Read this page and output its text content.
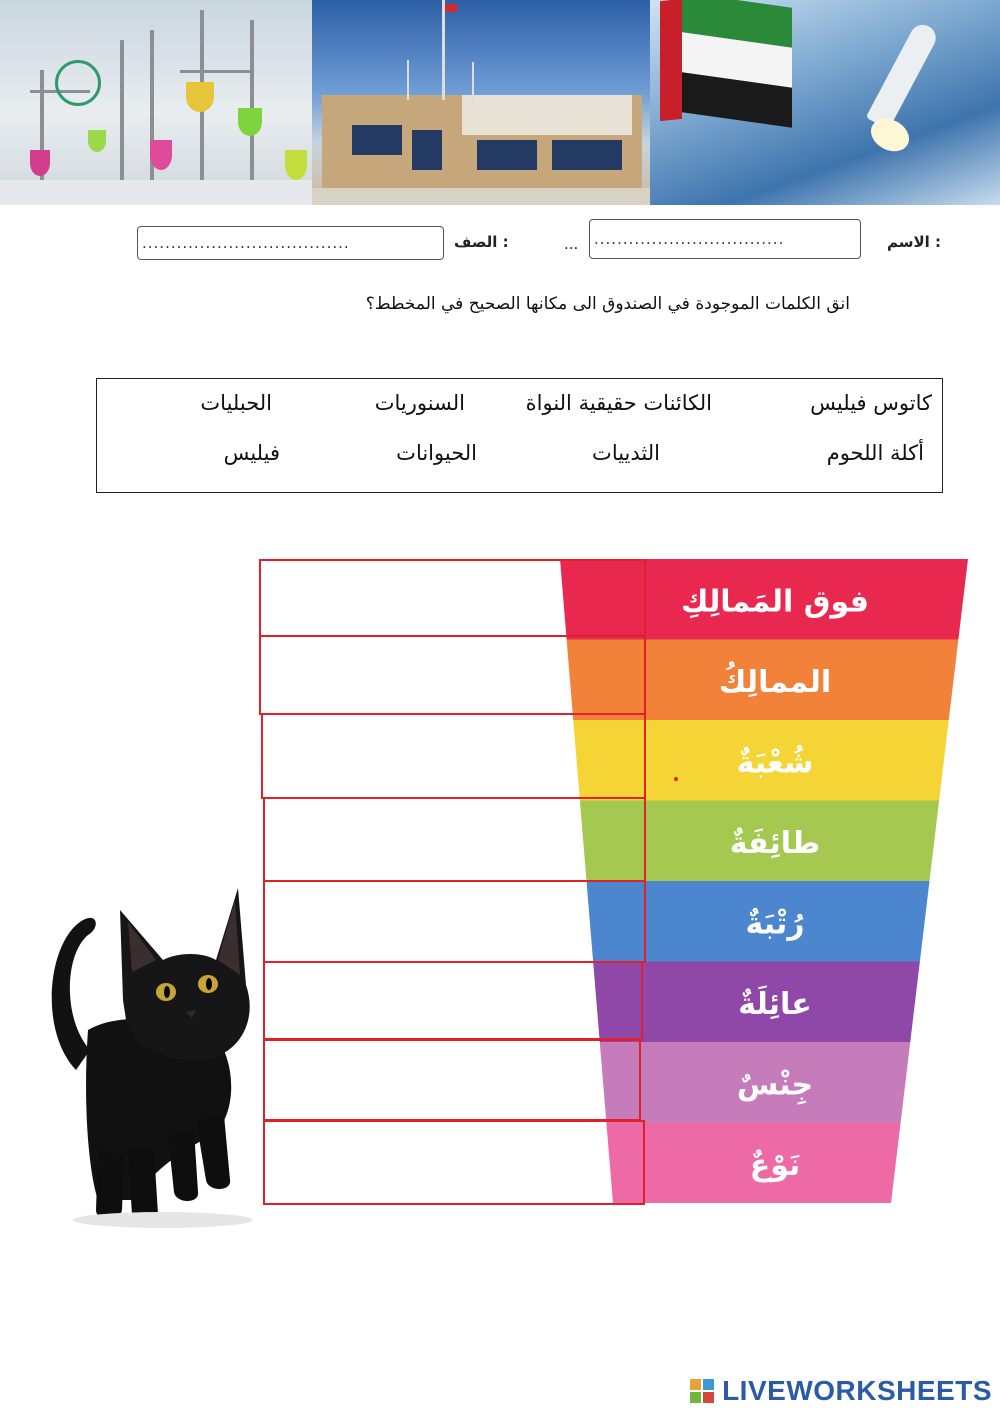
الاسم :
.................................
...
الصف :
....................................
انق الكلمات الموجودة في الصندوق الى مكانها الصحيح في المخطط؟
كاتوس فيليس
الكائنات حقيقية النواة
السنوريات
الحبليات
أكلة اللحوم
الثدييات
الحيوانات
فيليس
فوق المَمالِكِ
الممالِكُ
شُعْبَةٌ
طائِفَةٌ
رُتْبَةٌ
عائِلَةٌ
جِنْسٌ
نَوْعٌ
LIVEWORKSHEETS
